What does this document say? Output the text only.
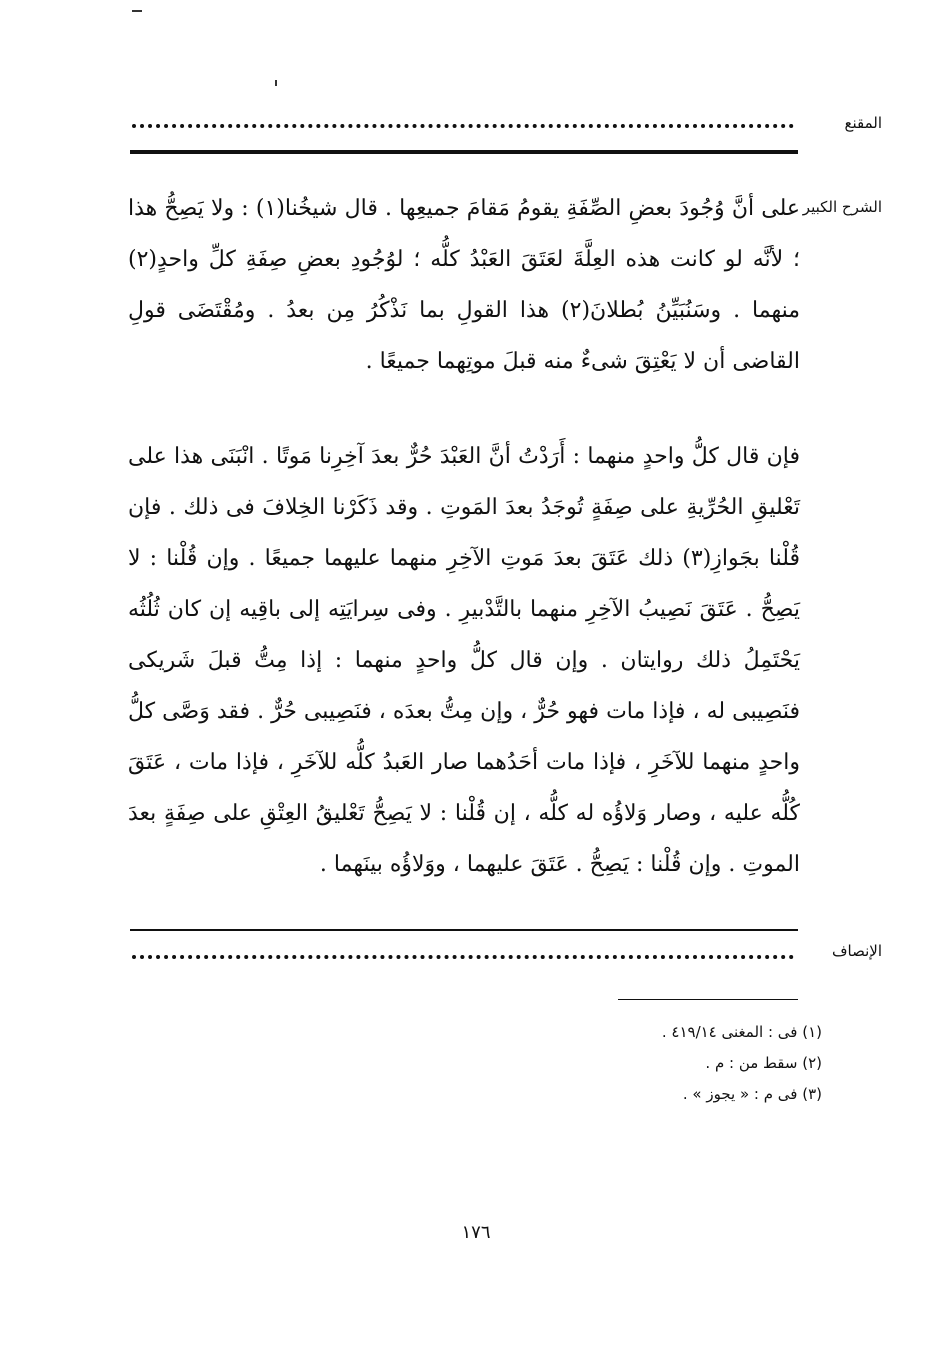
المقنع
الشرح الكبير
على أنَّ وُجُودَ بعضِ الصِّفَةِ يقومُ مَقامَ جميعِها . قال شيخُنا(١) : ولا يَصِحُّ هذا ؛ لأنَّه لو كانت هذه العِلَّةَ لعَتَقَ العَبْدُ كلُّه ؛ لوُجُودِ بعضِ صِفَةِ كلِّ واحدٍ(٢) منهما . وسَنُبَيِّنُ بُطلانَ(٢) هذا القولِ بما نَذْكُرُ مِن بعدُ . ومُقْتَضَى قولِ القاضى أن لا يَعْتِقَ شىءٌ منه قبلَ موتِهما جميعًا .
فإن قال كلُّ واحدٍ منهما : أَرَدْتُ أنَّ العَبْدَ حُرٌّ بعدَ آخِرِنا مَوتًا . انْبَنَى هذا على تَعْليقِ الحُرِّيةِ على صِفَةٍ تُوجَدُ بعدَ المَوتِ . وقد ذَكَرْنا الخِلافَ فى ذلك . فإن قُلْنا بجَوازِ(٣) ذلك عَتَقَ بعدَ مَوتِ الآخِرِ منهما عليهما جميعًا . وإن قُلْنا : لا يَصِحُّ . عَتَقَ نَصِيبُ الآخِرِ منهما بالتَّدْبيرِ . وفى سِرايَتِه إلى باقِيه إن كان ثُلُثُه يَحْتَمِلُ ذلك روايتان . وإن قال كلُّ واحدٍ منهما : إذا مِتُّ قبلَ شَريكى فنَصِيبى له ، فإذا مات فهو حُرٌّ ، وإن مِتُّ بعدَه ، فنَصِيبى حُرٌّ . فقد وَصَّى كلُّ واحدٍ منهما للآخَرِ ، فإذا مات أحَدُهما صار العَبدُ كلُّه للآخَرِ ، فإذا مات ، عَتَقَ كُلُّه عليه ، وصار وَلاؤُه له كلُّه ، إن قُلْنا : لا يَصِحُّ تَعْليقُ العِتْقِ على صِفَةٍ بعدَ الموتِ . وإن قُلْنا : يَصِحُّ . عَتَقَ عليهما ، ووَلاؤُه بينَهما .
الإنصاف
(١) فى : المغنى ٤١٩/١٤ .
(٢) سقط من : م .
(٣) فى م : « يجوز » .
١٧٦
